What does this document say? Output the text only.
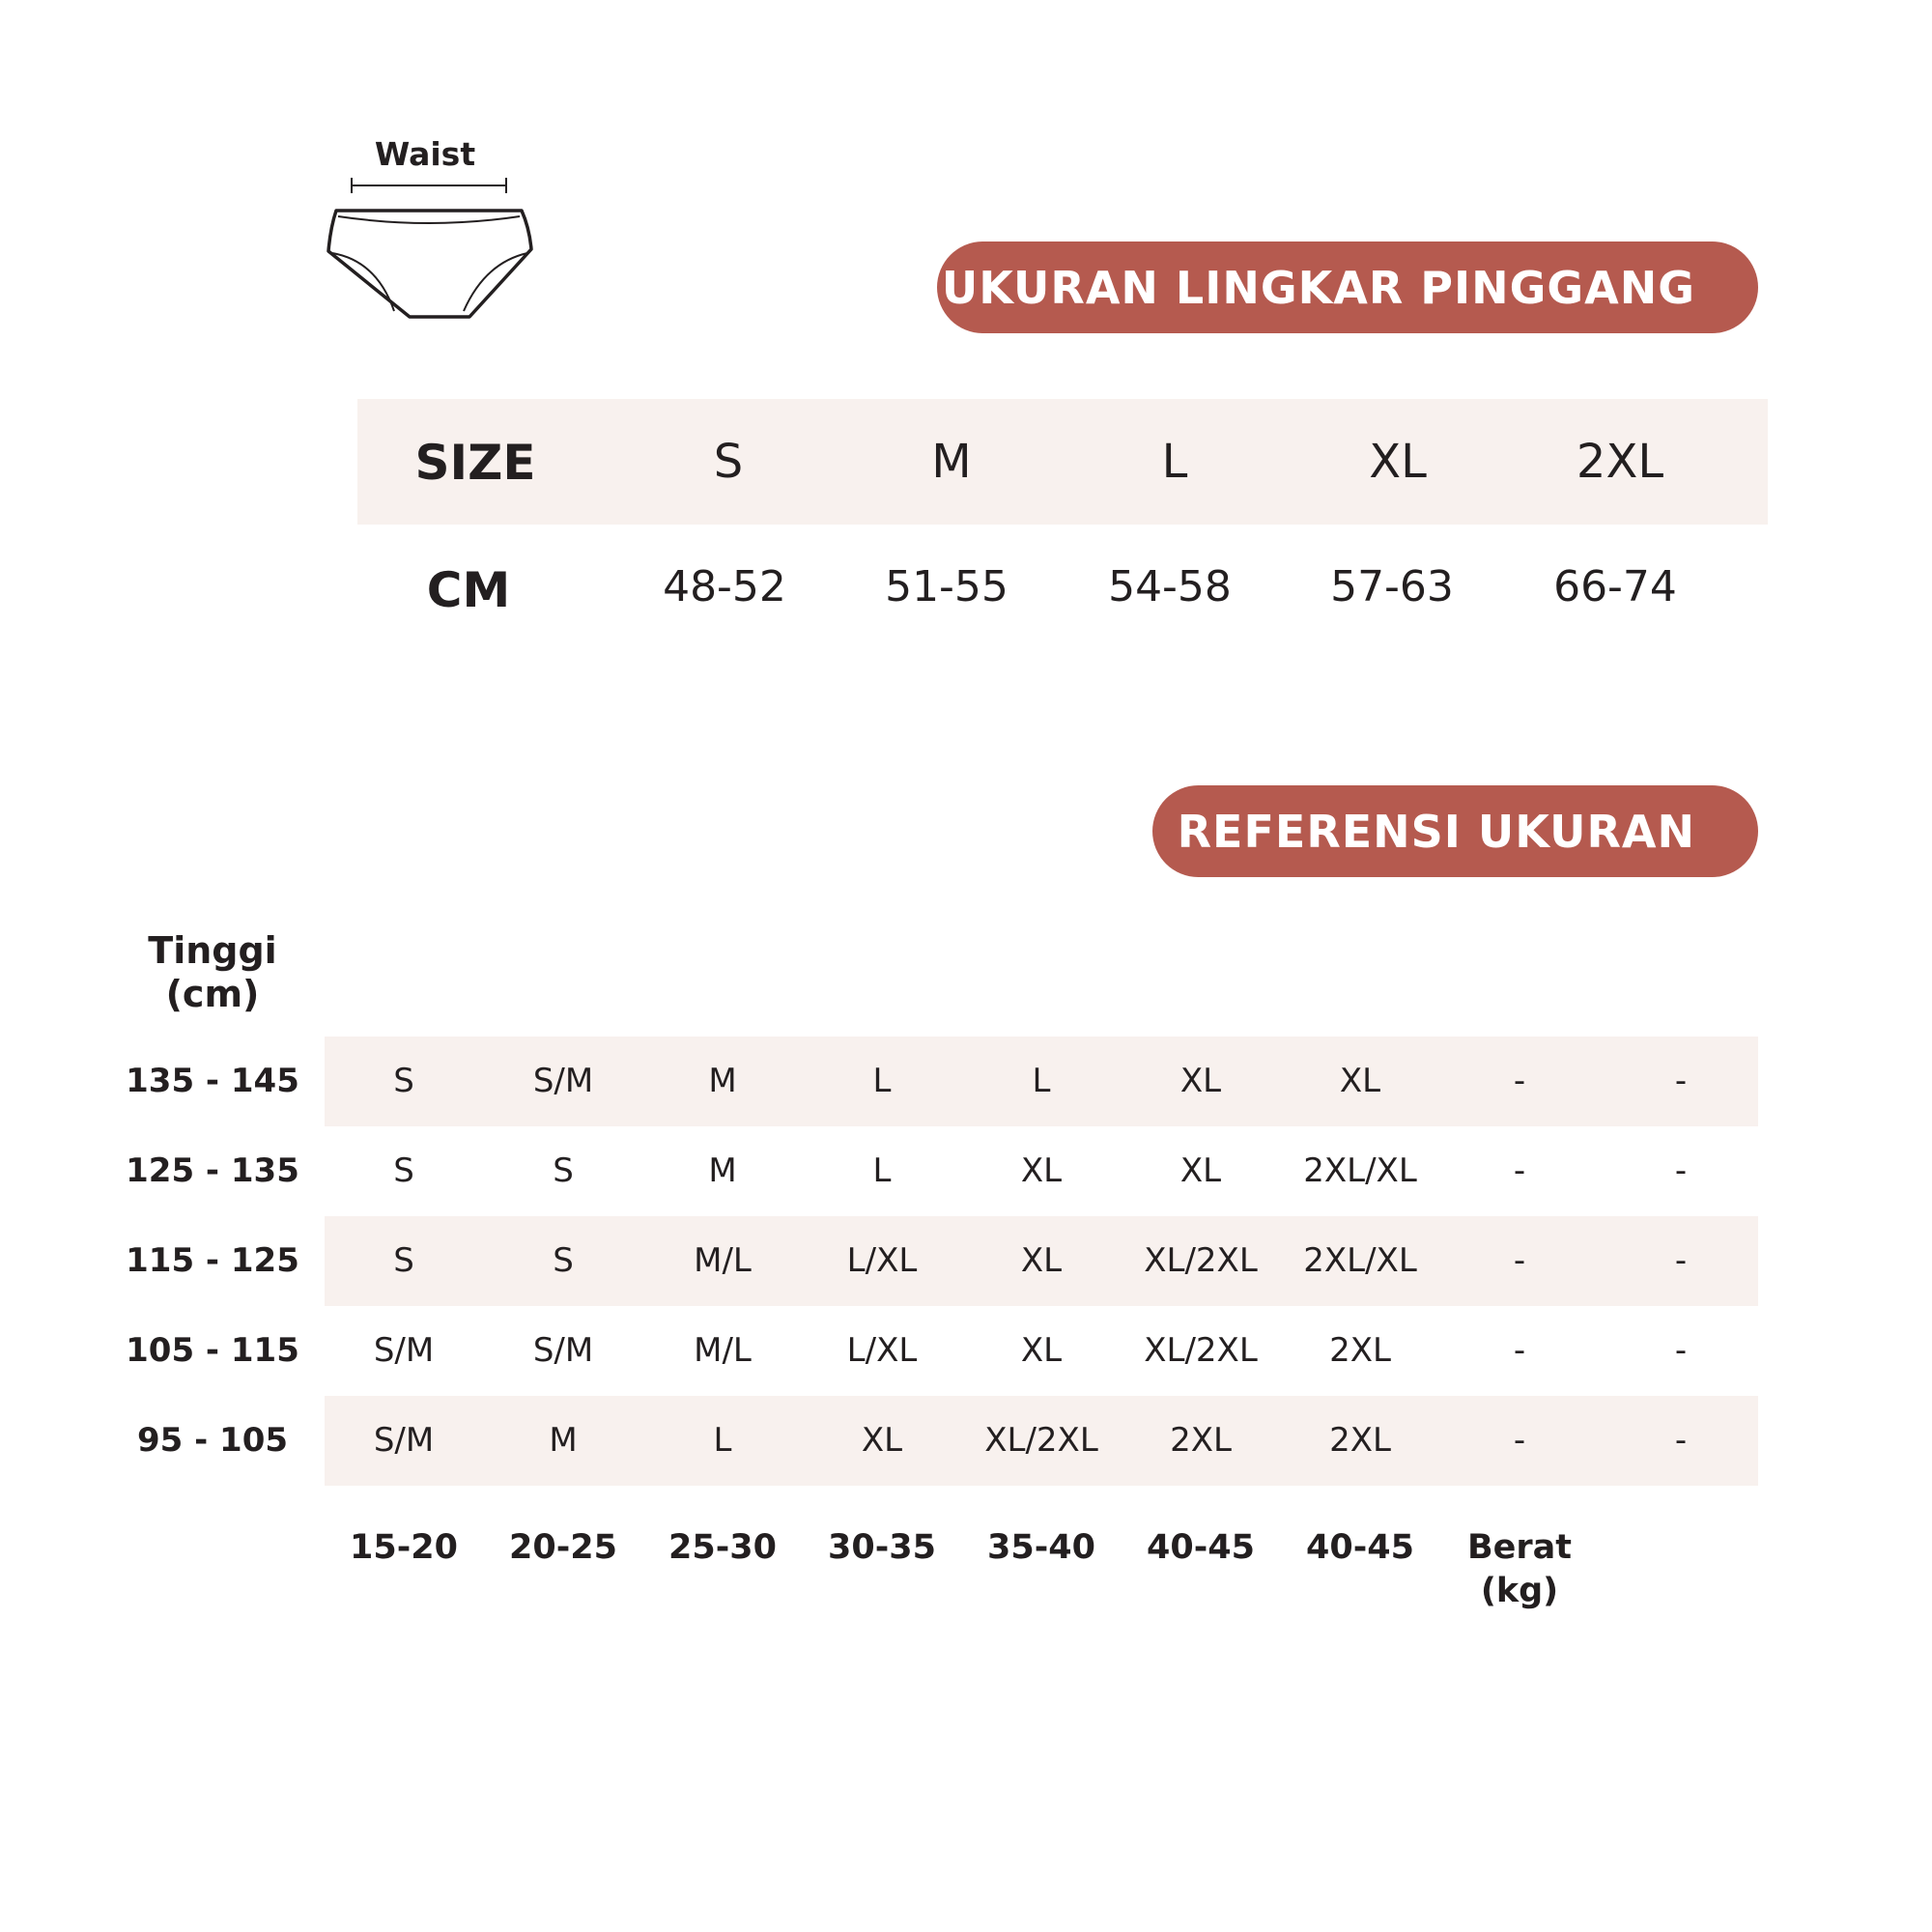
Waist
UKURAN LINGKAR PINGGANG
SIZE	S	M	L	XL	2XL
CM	48-52 51-55 54-58 57-63 66-74
REFERENSI UKURAN
Tinggi
(cm)
135 - 145	S	S/M	M	L	L	XL	XL	-	-
125 - 135	S	S	M	L	XL	XL	2XL/XL	-	-
115 - 125	S	S	M/L	L/XL	XL	XL/2XL	2XL/XL	-	-
105 - 115	S/M	S/M	M/L	L/XL	XL	XL/2XL	2XL	-	-
95 - 105	S/M	M	L	XL	XL/2XL	2XL	2XL	-	-
15-20	20-25	25-30	30-35	35-40	40-45	40-45	Berat
(kg)
